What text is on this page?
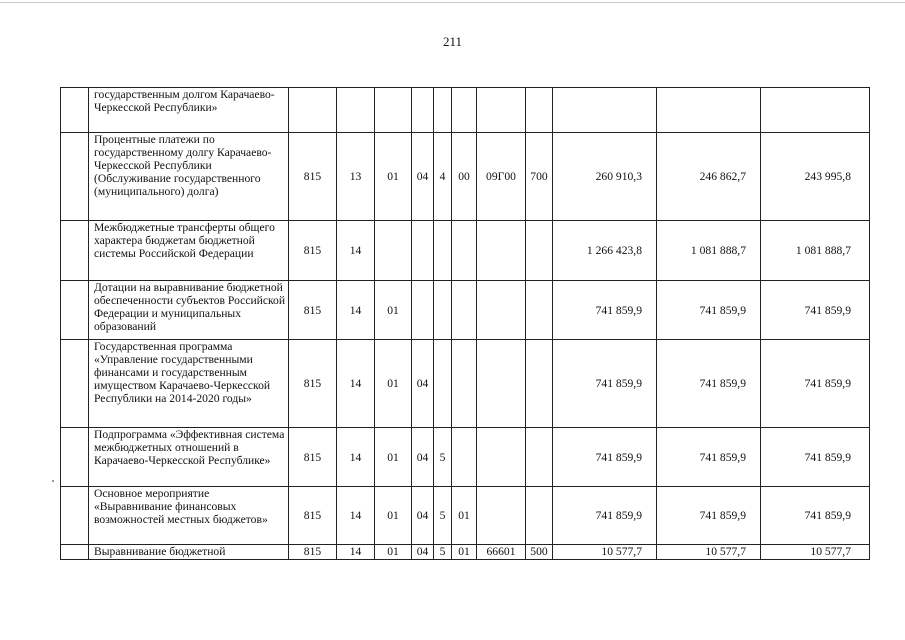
211
	государственным долгом Карачаево-Черкесской Республики»											
	Процентные платежи по государственному долгу Карачаево-Черкесской Республики (Обслуживание государственного (муниципального) долга)	815	13	01	04	4	00	09Г00	700	260 910,3	246 862,7	243 995,8
	Межбюджетные трансферты общего характера бюджетам бюджетной системы Российской Федерации	815	14							1 266 423,8	1 081 888,7	1 081 888,7
	Дотации на выравнивание бюджетной обеспеченности субъектов Российской Федерации и муниципальных образований	815	14	01						741 859,9	741 859,9	741 859,9
	Государственная программа «Управление государственными финансами и государственным имуществом Карачаево-Черкесской Республики на 2014-2020 годы»	815	14	01	04					741 859,9	741 859,9	741 859,9
	Подпрограмма «Эффективная система межбюджетных отношений в Карачаево-Черкесской Республике»	815	14	01	04	5				741 859,9	741 859,9	741 859,9
	Основное мероприятие «Выравнивание финансовых возможностей местных бюджетов»	815	14	01	04	5	01			741 859,9	741 859,9	741 859,9
	Выравнивание бюджетной	815	14	01	04	5	01	66601	500	10 577,7	10 577,7	10 577,7
